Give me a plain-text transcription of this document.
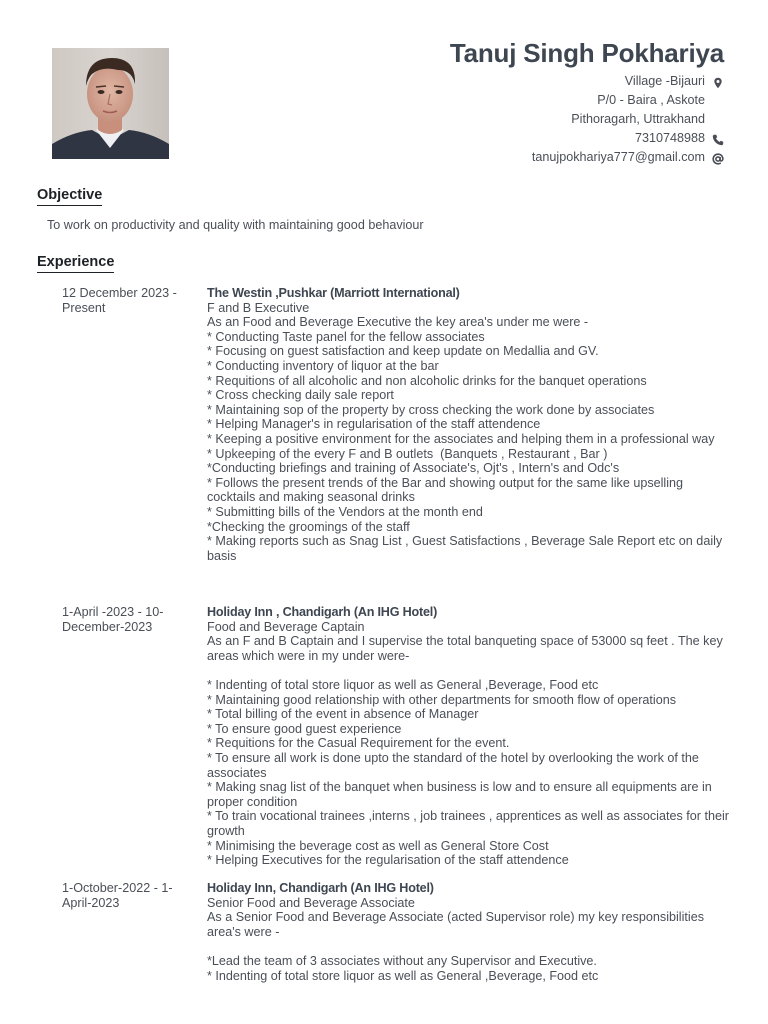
Tanuj Singh Pokhariya
Village -Bijauri
P/0 - Baira , Askote
Pithoragarh, Uttrakhand
7310748988
tanujpokhariya777@gmail.com
Objective
To work on productivity and quality with maintaining good behaviour
Experience
12 December 2023 - Present
The Westin ,Pushkar (Marriott International)
F and B Executive
As an Food and Beverage Executive the key area's under me were -
* Conducting Taste panel for the fellow associates
* Focusing on guest satisfaction and keep update on Medallia and GV.
* Conducting inventory of liquor at the bar
* Requitions of all alcoholic and non alcoholic drinks for the banquet operations
* Cross checking daily sale report
* Maintaining sop of the property by cross checking the work done by associates
* Helping Manager's in regularisation of the staff attendence
* Keeping a positive environment for the associates and helping them in a professional way
* Upkeeping of the every F and B outlets  (Banquets , Restaurant , Bar )
*Conducting briefings and training of Associate's, Ojt's , Intern's and Odc's
* Follows the present trends of the Bar and showing output for the same like upselling cocktails and making seasonal drinks
* Submitting bills of the Vendors at the month end
*Checking the groomings of the staff
* Making reports such as Snag List , Guest Satisfactions , Beverage Sale Report etc on daily basis
1-April -2023 - 10-December-2023
Holiday Inn , Chandigarh (An IHG Hotel)
Food and Beverage Captain
As an F and B Captain and I supervise the total banqueting space of 53000 sq feet . The key areas which were in my under were-

* Indenting of total store liquor as well as General ,Beverage, Food etc
* Maintaining good relationship with other departments for smooth flow of operations
* Total billing of the event in absence of Manager
* To ensure good guest experience
* Requitions for the Casual Requirement for the event.
* To ensure all work is done upto the standard of the hotel by overlooking the work of the associates
* Making snag list of the banquet when business is low and to ensure all equipments are in proper condition
* To train vocational trainees ,interns , job trainees , apprentices as well as associates for their growth
* Minimising the beverage cost as well as General Store Cost
* Helping Executives for the regularisation of the staff attendence
1-October-2022 - 1-April-2023
Holiday Inn, Chandigarh (An IHG Hotel)
Senior Food and Beverage Associate
As a Senior Food and Beverage Associate (acted Supervisor role) my key responsibilities area's were -

*Lead the team of 3 associates without any Supervisor and Executive.
* Indenting of total store liquor as well as General ,Beverage, Food etc
